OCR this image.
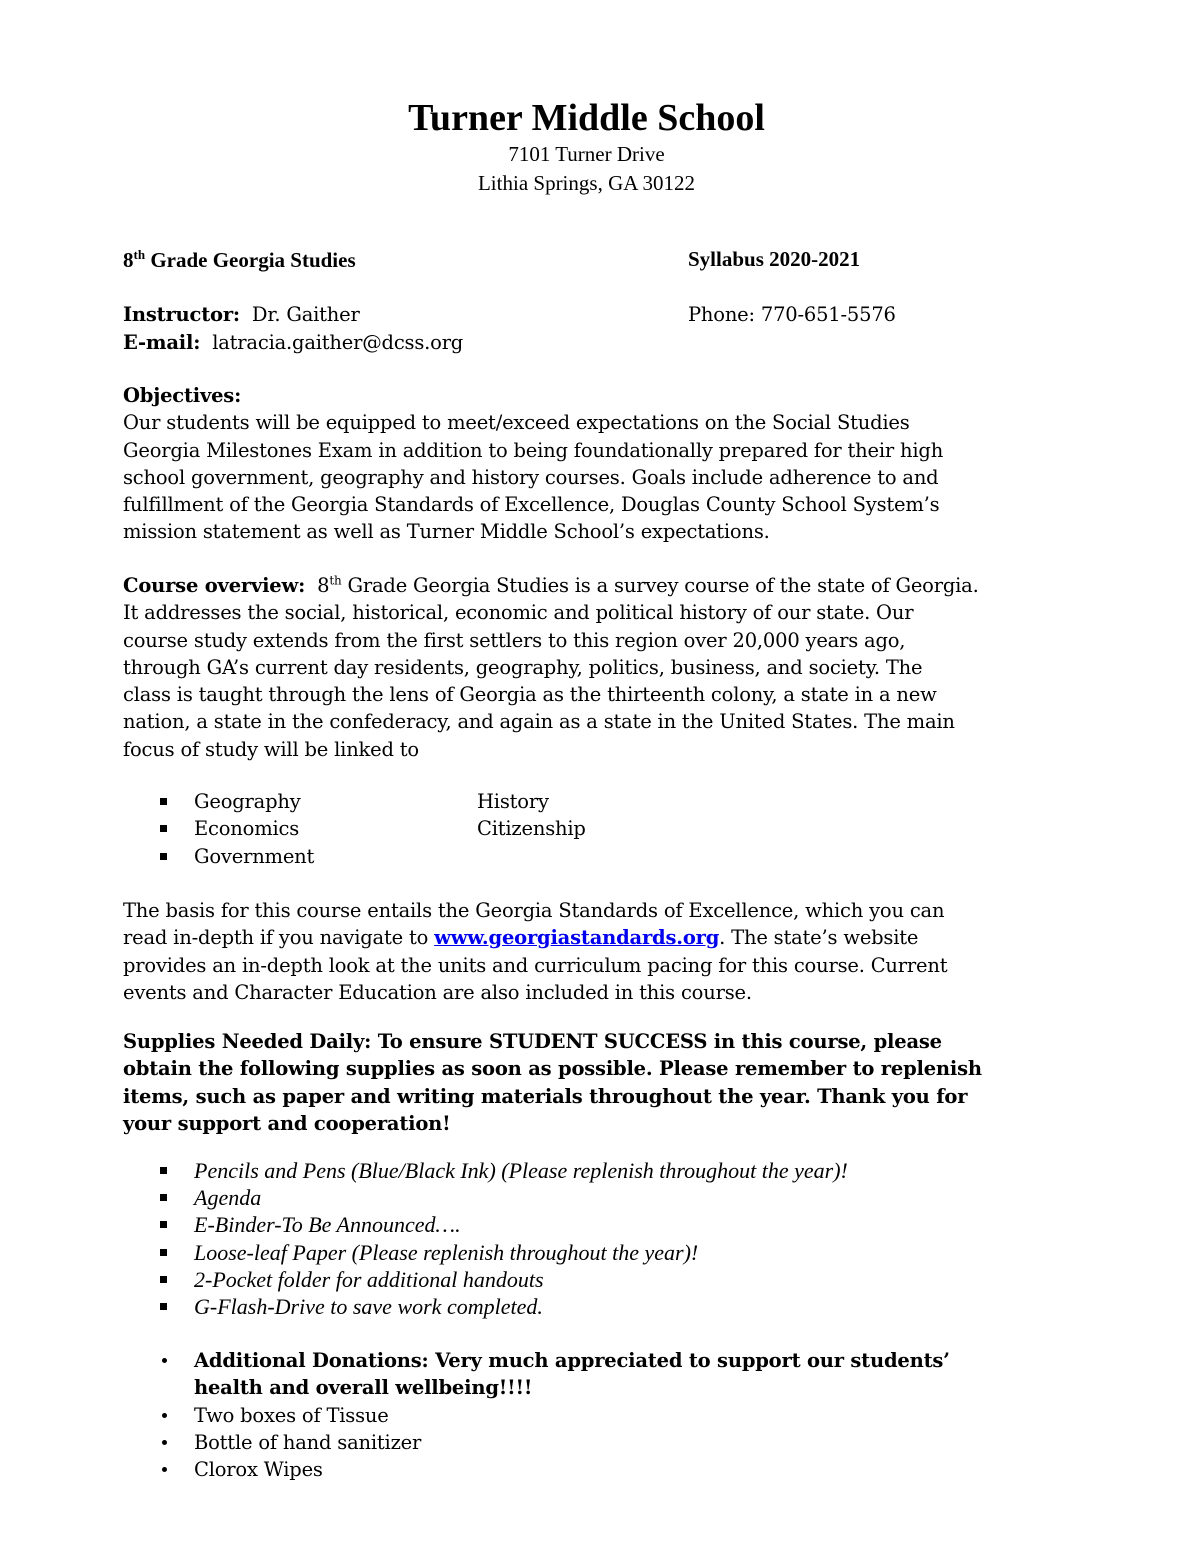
Turner Middle School
7101 Turner Drive
Lithia Springs, GA 30122
8th Grade Georgia Studies	Syllabus 2020-2021
Instructor: Dr. Gaither	Phone: 770-651-5576
E-mail: latracia.gaither@dcss.org
Objectives:
Our students will be equipped to meet/exceed expectations on the Social Studies
Georgia Milestones Exam in addition to being foundationally prepared for their high
school government, geography and history courses. Goals include adherence to and
fulfillment of the Georgia Standards of Excellence, Douglas County School System’s
mission statement as well as Turner Middle School’s expectations.
Course overview: 8th Grade Georgia Studies is a survey course of the state of Georgia.
It addresses the social, historical, economic and political history of our state. Our
course study extends from the first settlers to this region over 20,000 years ago,
through GA’s current day residents, geography, politics, business, and society. The
class is taught through the lens of Georgia as the thirteenth colony, a state in a new
nation, a state in the confederacy, and again as a state in the United States. The main
focus of study will be linked to
Geography	History
Economics	Citizenship
Government
The basis for this course entails the Georgia Standards of Excellence, which you can
read in-depth if you navigate to www.georgiastandards.org. The state’s website
provides an in-depth look at the units and curriculum pacing for this course. Current
events and Character Education are also included in this course.
Supplies Needed Daily: To ensure STUDENT SUCCESS in this course, please
obtain the following supplies as soon as possible. Please remember to replenish
items, such as paper and writing materials throughout the year. Thank you for
your support and cooperation!
Pencils and Pens (Blue/Black Ink) (Please replenish throughout the year)!
Agenda
E-Binder-To Be Announced….
Loose-leaf Paper (Please replenish throughout the year)!
2-Pocket folder for additional handouts
G-Flash-Drive to save work completed.
Additional Donations: Very much appreciated to support our students’
health and overall wellbeing!!!!
Two boxes of Tissue
Bottle of hand sanitizer
Clorox Wipes
